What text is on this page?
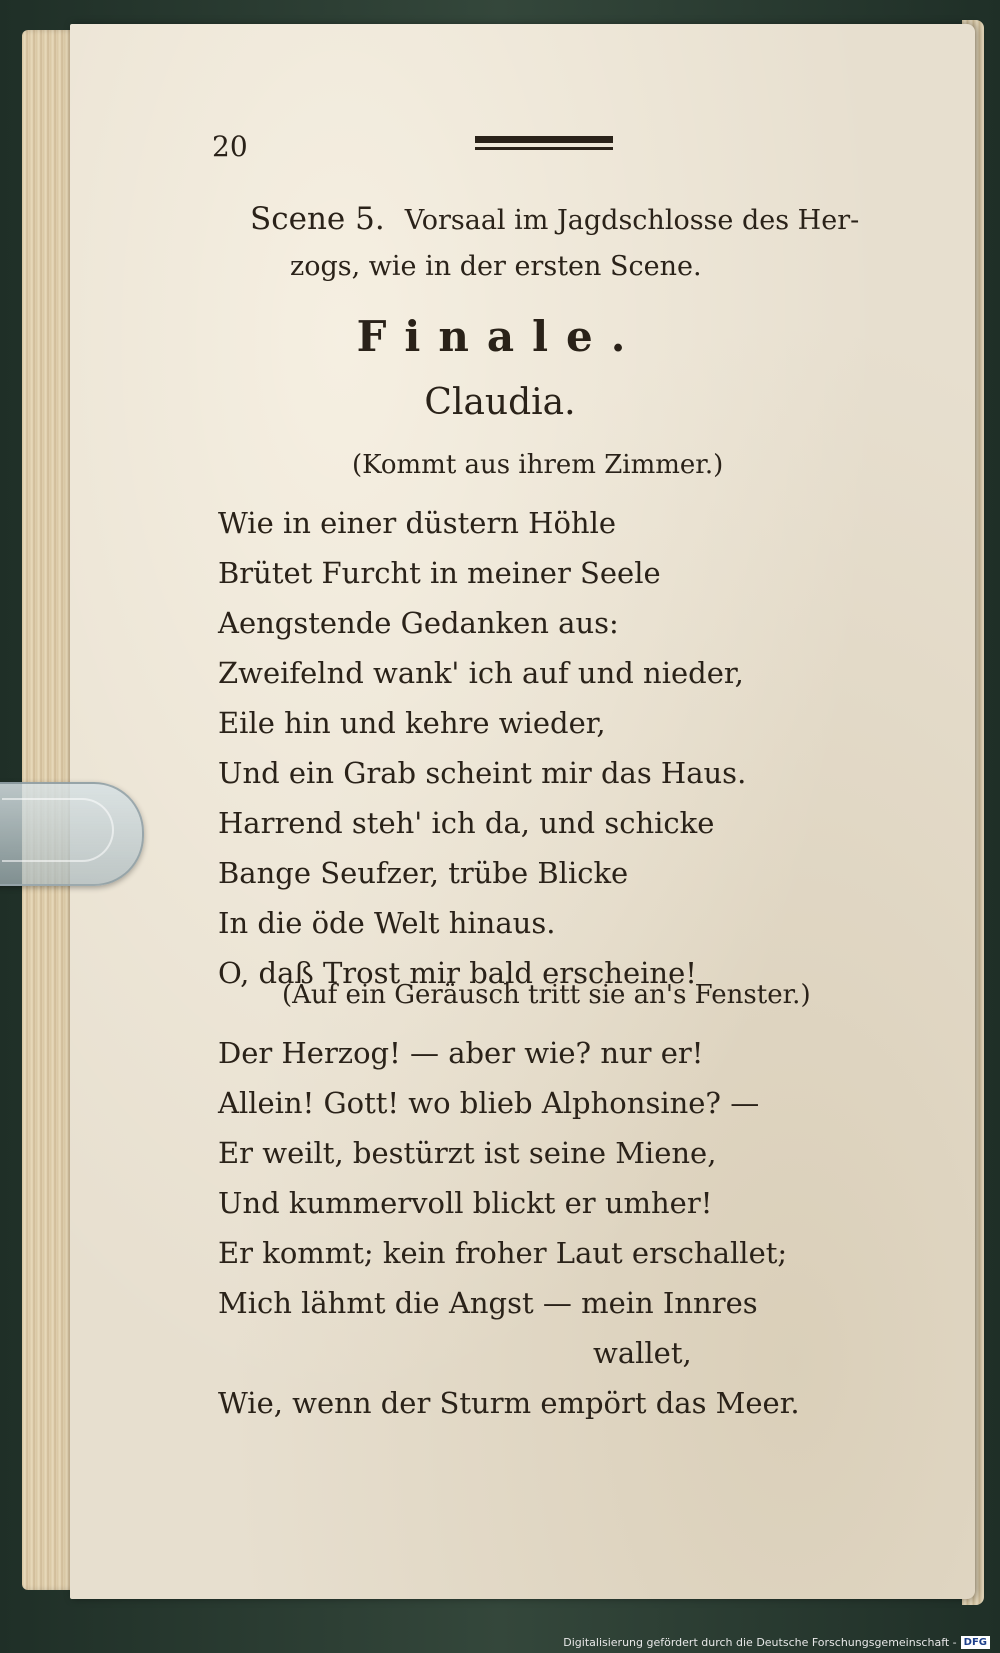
20
Scene 5. Vorsaal im Jagdschlosse des Her-
zogs, wie in der ersten Scene.
Finale.
Claudia.
(Kommt aus ihrem Zimmer.)
Wie in einer düstern Höhle
Brütet Furcht in meiner Seele
Aengstende Gedanken aus:
Zweifelnd wank' ich auf und nieder,
Eile hin und kehre wieder,
Und ein Grab scheint mir das Haus.
Harrend steh' ich da, und schicke
Bange Seufzer, trübe Blicke
In die öde Welt hinaus.
O, daß Trost mir bald erscheine!
(Auf ein Geräusch tritt sie an's Fenster.)
Der Herzog! — aber wie? nur er!
Allein! Gott! wo blieb Alphonsine? —
Er weilt, bestürzt ist seine Miene,
Und kummervoll blickt er umher!
Er kommt; kein froher Laut erschallet;
Mich lähmt die Angst — mein Innres
wallet,
Wie, wenn der Sturm empört das Meer.
Digitalisierung gefördert durch die Deutsche Forschungsgemeinschaft - DFG
